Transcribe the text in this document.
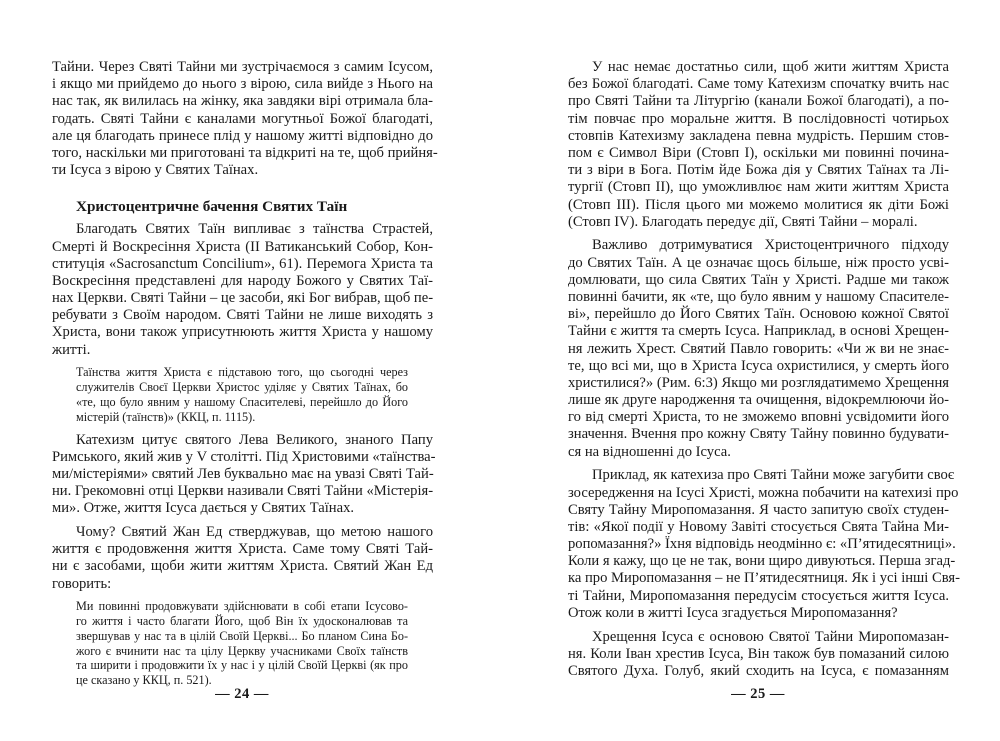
Тайни. Через Святі Тайни ми зустрічаємося з самим Ісусом,
і якщо ми прийдемо до нього з вірою, сила вийде з Нього на
нас так, як вилилась на жінку, яка завдяки вірі отримала бла-
годать. Святі Тайни є каналами могутньої Божої благодаті,
але ця благодать принесе плід у нашому житті відповідно до
того, наскільки ми приготовані та відкриті на те, щоб прийня-
ти Ісуса з вірою у Святих Таїнах.
Христоцентричне бачення Святих Таїн
Благодать Святих Таїн випливає з таїнства Страстей,
Смерті й Воскресіння Христа (ІІ Ватиканський Собор, Кон-
ституція «Sacrosanctum Concilium», 61). Перемога Христа та
Воскресіння представлені для народу Божого у Святих Таї-
нах Церкви. Святі Тайни – це засоби, які Бог вибрав, щоб пе-
ребувати з Своїм народом. Святі Тайни не лише виходять з
Христа, вони також уприсутнюють життя Христа у нашому
житті.
Таїнства життя Христа є підставою того, що сьогодні через
служителів Своєї Церкви Христос уділяє у Святих Таїнах, бо
«те, що було явним у нашому Спасителеві, перейшло до Його
містерій (таїнств)» (ККЦ, п. 1115).
Катехизм цитує святого Лева Великого, знаного Папу
Римського, який жив у V столітті. Під Христовими «таїнства-
ми/містеріями» святий Лев буквально має на увазі Святі Тай-
ни. Грекомовні отці Церкви називали Святі Тайни «Містерія-
ми». Отже, життя Ісуса дається у Святих Таїнах.
Чому? Святий Жан Ед стверджував, що метою нашого
життя є продовження життя Христа. Саме тому Святі Тай-
ни є засобами, щоби жити життям Христа. Святий Жан Ед
говорить:
Ми повинні продовжувати здійснювати в собі етапи Ісусово-
го життя і часто благати Його, щоб Він їх удосконалював та
звершував у нас та в цілій Своїй Церкві... Бо планом Сина Бо-
жого є вчинити нас та цілу Церкву учасниками Своїх таїнств
та ширити і продовжити їх у нас і у цілій Своїй Церкві (як про
це сказано у ККЦ, п. 521).
— 24 —
У нас немає достатньо сили, щоб жити життям Христа
без Божої благодаті. Саме тому Катехизм спочатку вчить нас
про Святі Тайни та Літургію (канали Божої благодаті), а по-
тім повчає про моральне життя. В послідовності чотирьох
стовпів Катехизму закладена певна мудрість. Першим стов-
пом є Символ Віри (Стовп І), оскільки ми повинні почина-
ти з віри в Бога. Потім йде Божа дія у Святих Таїнах та Лі-
тургії (Стовп ІІ), що уможливлює нам жити життям Христа
(Стовп ІІІ). Після цього ми можемо молитися як діти Божі
(Стовп IV). Благодать передує дії, Святі Тайни – моралі.
Важливо дотримуватися Христоцентричного підходу
до Святих Таїн. А це означає щось більше, ніж просто усві-
домлювати, що сила Святих Таїн у Христі. Радше ми також
повинні бачити, як «те, що було явним у нашому Спасителе-
ві», перейшло до Його Святих Таїн. Основою кожної Святої
Тайни є життя та смерть Ісуса. Наприклад, в основі Хрещен-
ня лежить Хрест. Святий Павло говорить: «Чи ж ви не знає-
те, що всі ми, що в Христа Ісуса охристилися, у смерть його
христилися?» (Рим. 6:3) Якщо ми розглядатимемо Хрещення
лише як друге народження та очищення, відокремлюючи йо-
го від смерті Христа, то не зможемо вповні усвідомити його
значення. Вчення про кожну Святу Тайну повинно будувати-
ся на відношенні до Ісуса.
Приклад, як катехиза про Святі Тайни може загубити своє
зосередження на Ісусі Христі, можна побачити на катехизі про
Святу Тайну Миропомазання. Я часто запитую своїх студен-
тів: «Якої події у Новому Завіті стосується Свята Тайна Ми-
ропомазання?» Їхня відповідь неодмінно є: «П’ятидесятниці».
Коли я кажу, що це не так, вони щиро дивуються. Перша згад-
ка про Миропомазання – не П’ятидесятниця. Як і усі інші Свя-
ті Тайни, Миропомазання передусім стосується життя Ісуса.
Отож коли в житті Ісуса згадується Миропомазання?
Хрещення Ісуса є основою Святої Тайни Миропомазан-
ня. Коли Іван хрестив Ісуса, Він також був помазаний силою
Святого Духа. Голуб, який сходить на Ісуса, є помазанням
— 25 —
